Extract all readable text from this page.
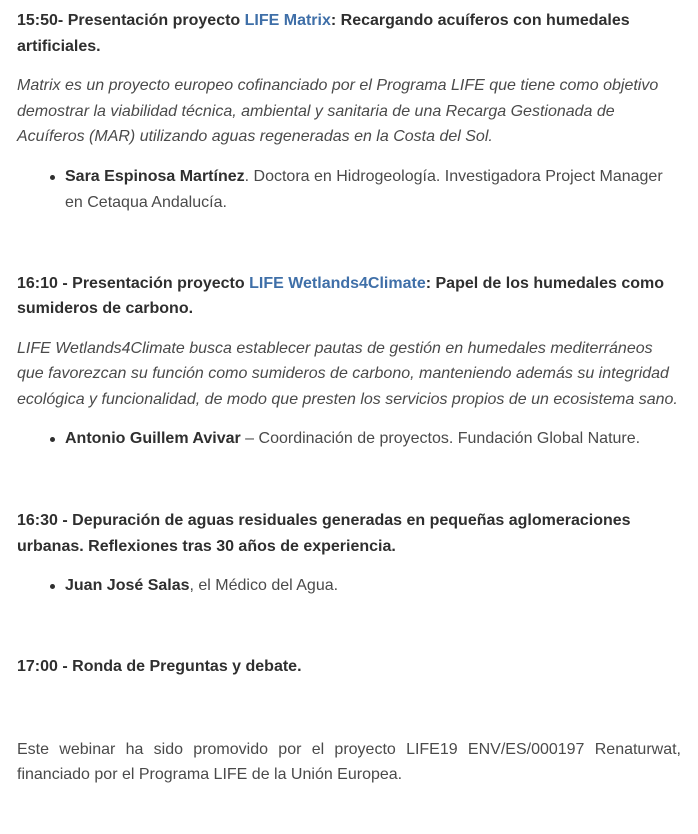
15:50- Presentación proyecto LIFE Matrix: Recargando acuíferos con humedales artificiales.

Matrix es un proyecto europeo cofinanciado por el Programa LIFE que tiene como objetivo demostrar la viabilidad técnica, ambiental y sanitaria de una Recarga Gestionada de Acuíferos (MAR) utilizando aguas regeneradas en la Costa del Sol.

Sara Espinosa Martínez. Doctora en Hidrogeología. Investigadora Project Manager en Cetaqua Andalucía.

16:10 - Presentación proyecto LIFE Wetlands4Climate: Papel de los humedales como sumideros de carbono.

LIFE Wetlands4Climate busca establecer pautas de gestión en humedales mediterráneos que favorezcan su función como sumideros de carbono, manteniendo además su integridad ecológica y funcionalidad, de modo que presten los servicios propios de un ecosistema sano.

Antonio Guillem Avivar – Coordinación de proyectos. Fundación Global Nature.

16:30 - Depuración de aguas residuales generadas en pequeñas aglomeraciones urbanas. Reflexiones tras 30 años de experiencia.

Juan José Salas, el Médico del Agua.

17:00 - Ronda de Preguntas y debate.

Este webinar ha sido promovido por el proyecto LIFE19 ENV/ES/000197 Renaturwat, financiado por el Programa LIFE de la Unión Europea.
